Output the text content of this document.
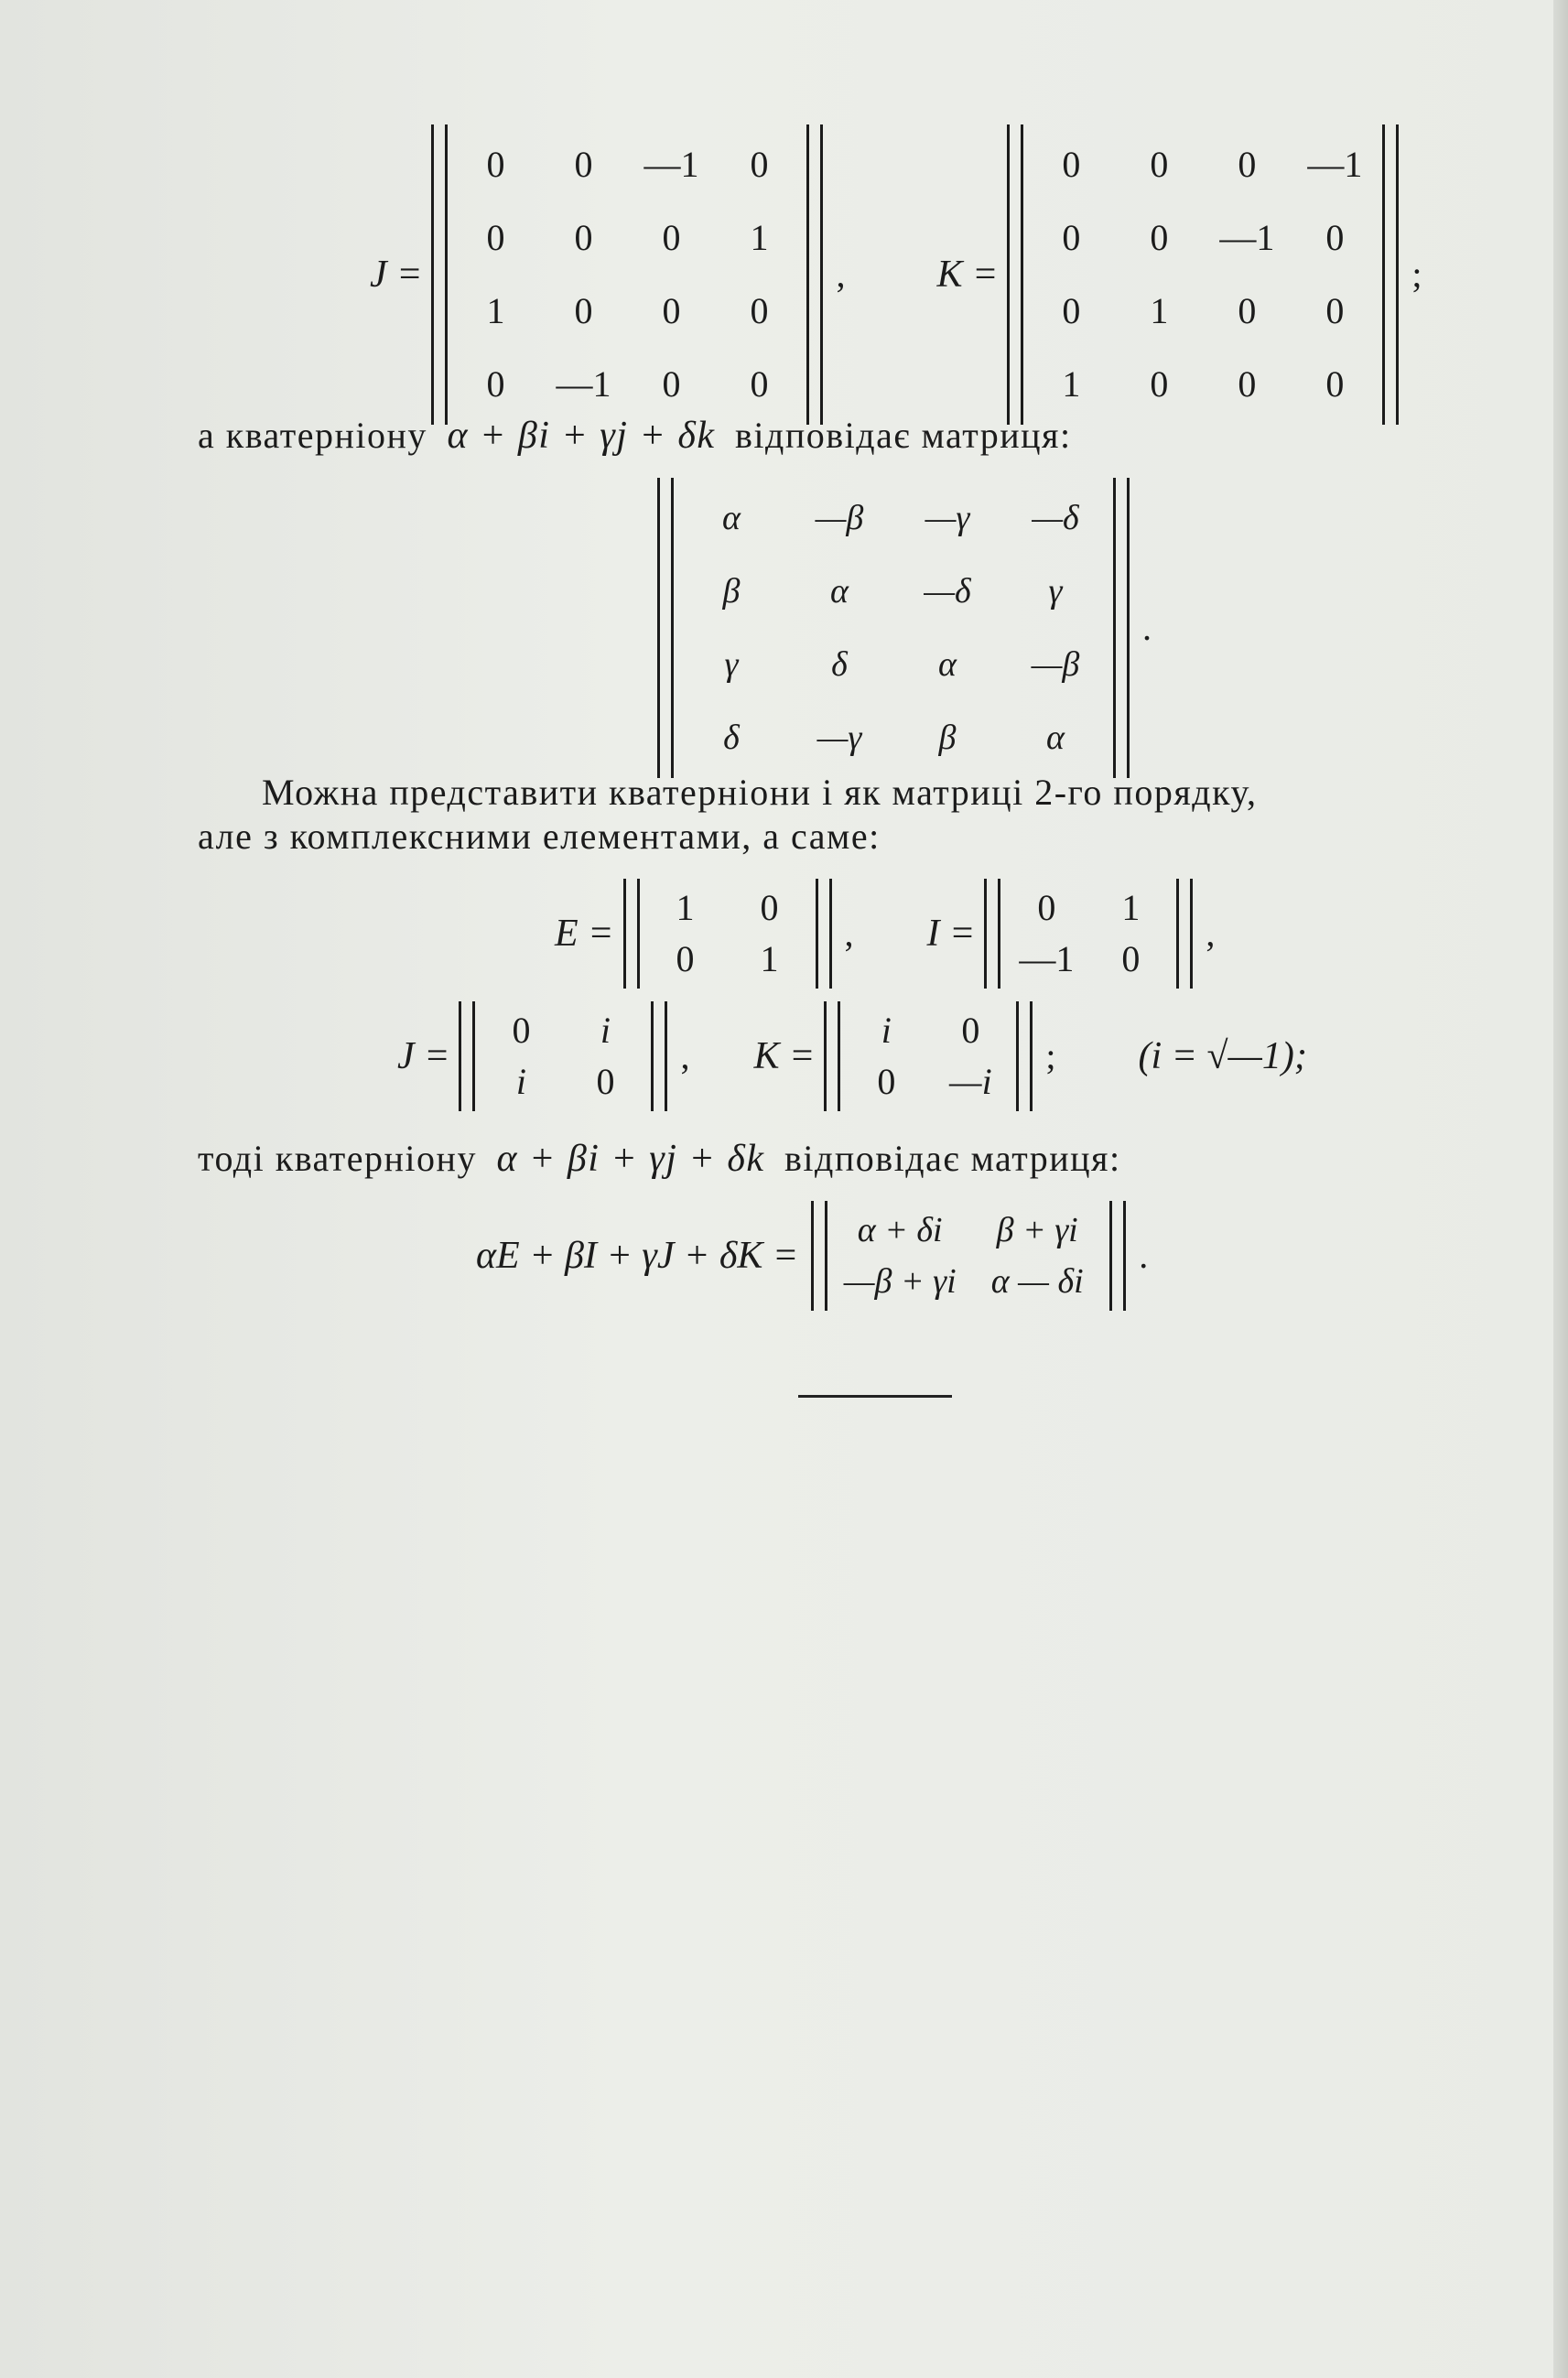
J =
0	0	—1	0
0	0	0	1
1	0	0	0
0	—1	0	0
, K =
0	0	0	—1
0	0	—1	0
0	1	0	0
1	0	0	0
;
а кватерніону α + βi + γj + δk відповідає матриця:
α	—β	—γ	—δ
β	α	—δ	γ
γ	δ	α	—β
δ	—γ	β	α
.
Можна представити кватерніони і як матриці 2-го порядку,
але з комплексними елементами, а саме:
E =
1	0
0	1
, I =
0	1
—1	0
,
J =
0	i
i	0
, K =
i	0
0	—i
; (i = √—1);
тоді кватерніону α + βi + γj + δk відповідає матриця:
αE + βI + γJ + δK =
α + δi	β + γi
—β + γi	α — δi
.
